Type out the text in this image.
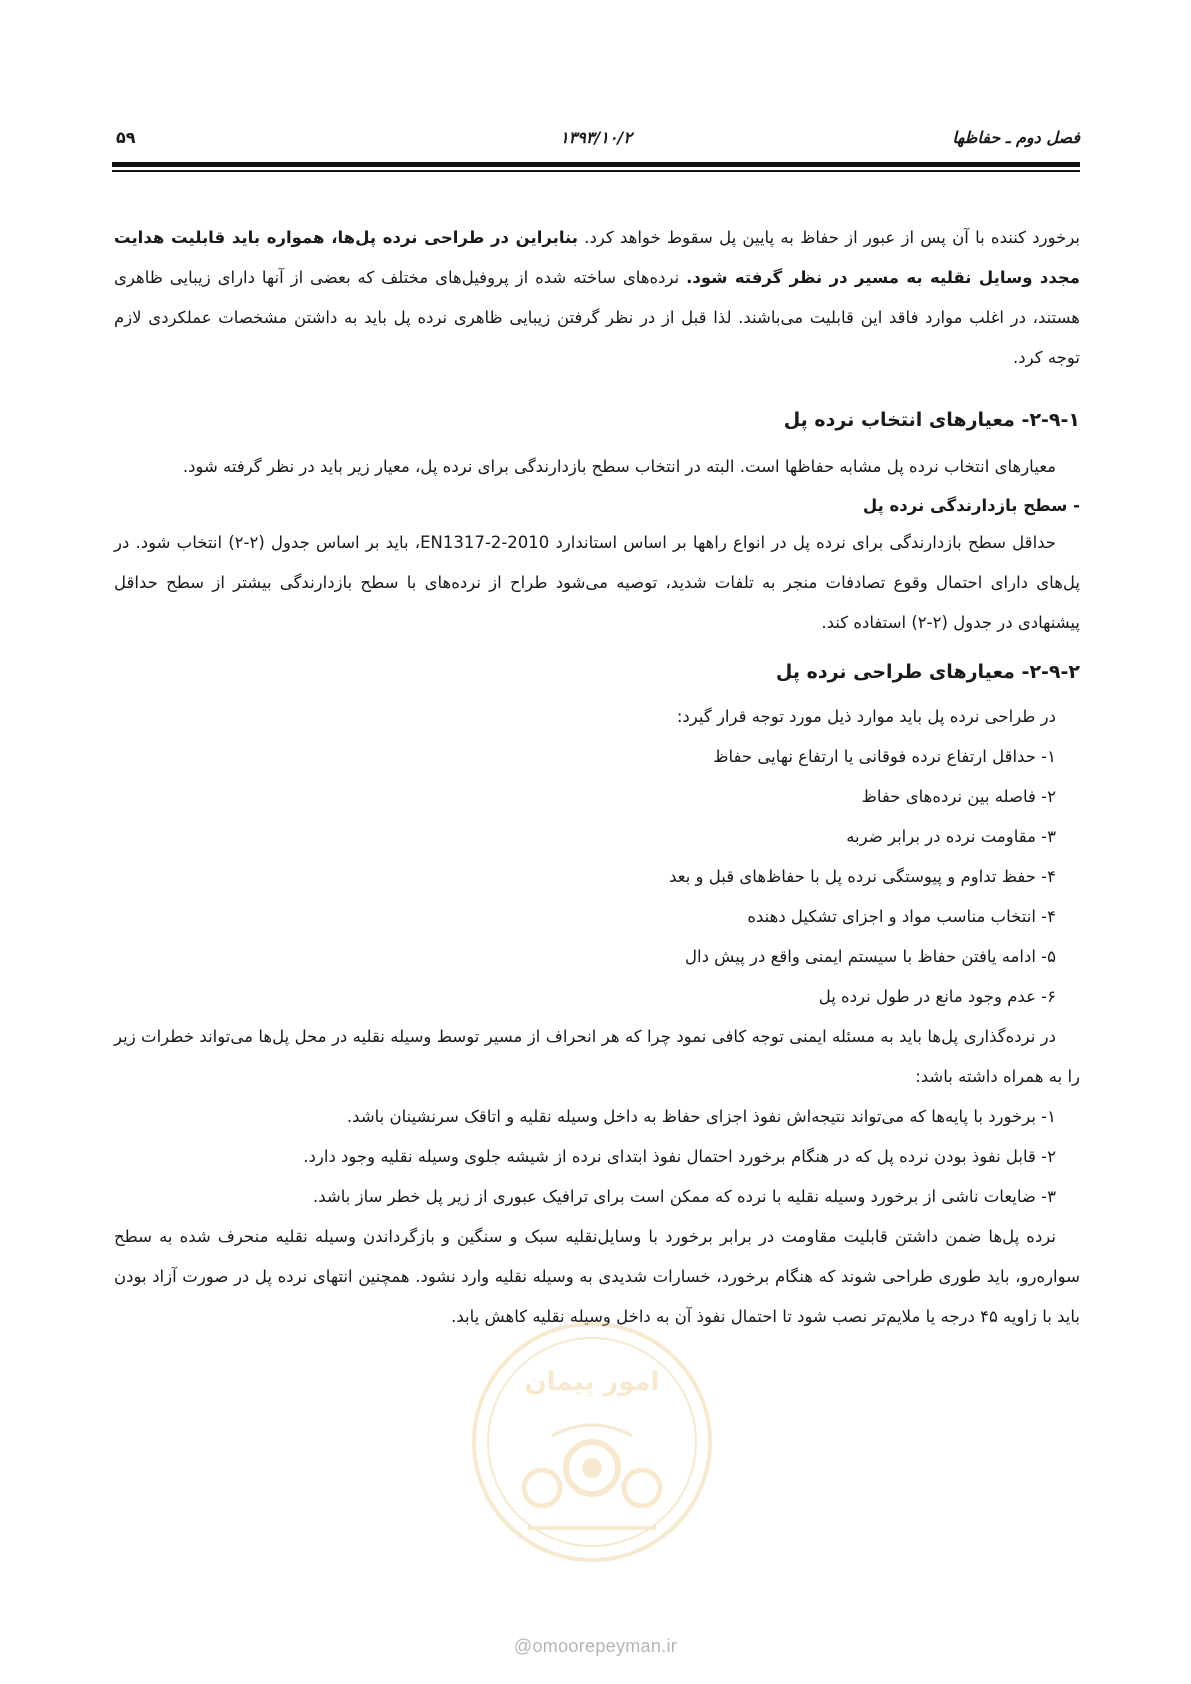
فصل دوم ـ حفاظها
۱۳۹۳/۱۰/۲
۵۹

برخورد کننده با آن پس از عبور از حفاظ به پایین پل سقوط خواهد کرد. بنابراین در طراحی نرده پل‌ها، همواره باید قابلیت هدایت مجدد وسایل نقلیه به مسیر در نظر گرفته شود. نرده‌های ساخته شده از پروفیل‌های مختلف که بعضی از آنها دارای زیبایی ظاهری هستند، در اغلب موارد فاقد این قابلیت می‌باشند. لذا قبل از در نظر گرفتن زیبایی ظاهری نرده پل باید به داشتن مشخصات عملکردی لازم توجه کرد.

۲-۹-۱- معیارهای انتخاب نرده پل

معیارهای انتخاب نرده پل مشابه حفاظها است. البته در انتخاب سطح بازدارندگی برای نرده پل، معیار زیر باید در نظر گرفته شود.

- سطح بازدارندگی نرده پل

حداقل سطح بازدارندگی برای نرده پل در انواع راهها بر اساس استاندارد EN1317-2-2010، باید بر اساس جدول (۲-۲) انتخاب شود. در پل‌های دارای احتمال وقوع تصادفات منجر به تلفات شدید، توصیه می‌شود طراح از نرده‌های با سطح بازدارندگی بیشتر از سطح حداقل پیشنهادی در جدول (۲-۲) استفاده کند.

۲-۹-۲- معیارهای طراحی نرده پل

در طراحی نرده پل باید موارد ذیل مورد توجه قرار گیرد:

۱- حداقل ارتفاع نرده فوقانی یا ارتفاع نهایی حفاظ
۲- فاصله بین نرده‌های حفاظ
۳- مقاومت نرده در برابر ضربه
۴- حفظ تداوم و پیوستگی نرده پل با حفاظ‌های قبل و بعد
۴- انتخاب مناسب مواد و اجزای تشکیل دهنده
۵- ادامه یافتن حفاظ با سیستم ایمنی واقع در پیش دال
۶- عدم وجود مانع در طول نرده پل

در نرده‌گذاری پل‌ها باید به مسئله ایمنی توجه کافی نمود چرا که هر انحراف از مسیر توسط وسیله نقلیه در محل پل‌ها می‌تواند خطرات زیر را به همراه داشته باشد:

۱- برخورد با پایه‌ها که می‌تواند نتیجه‌اش نفوذ اجزای حفاظ به داخل وسیله نقلیه و اتاقک سرنشینان باشد.
۲- قابل نفوذ بودن نرده پل که در هنگام برخورد احتمال نفوذ ابتدای نرده از شیشه جلوی وسیله نقلیه وجود دارد.
۳- ضایعات ناشی از برخورد وسیله نقلیه با نرده که ممکن است برای ترافیک عبوری از زیر پل خطر ساز باشد.

نرده پل‌ها ضمن داشتن قابلیت مقاومت در برابر برخورد با وسایل‌نقلیه سبک و سنگین و بازگرداندن وسیله نقلیه منحرف شده به سطح سواره‌رو، باید طوری طراحی شوند که هنگام برخورد، خسارات شدیدی به وسیله نقلیه وارد نشود. همچنین انتهای نرده پل در صورت آزاد بودن باید با زاویه ۴۵ درجه یا ملایم‌تر نصب شود تا احتمال نفوذ آن به داخل وسیله نقلیه کاهش یابد.

امور پیمان
@omoorepeyman.ir
